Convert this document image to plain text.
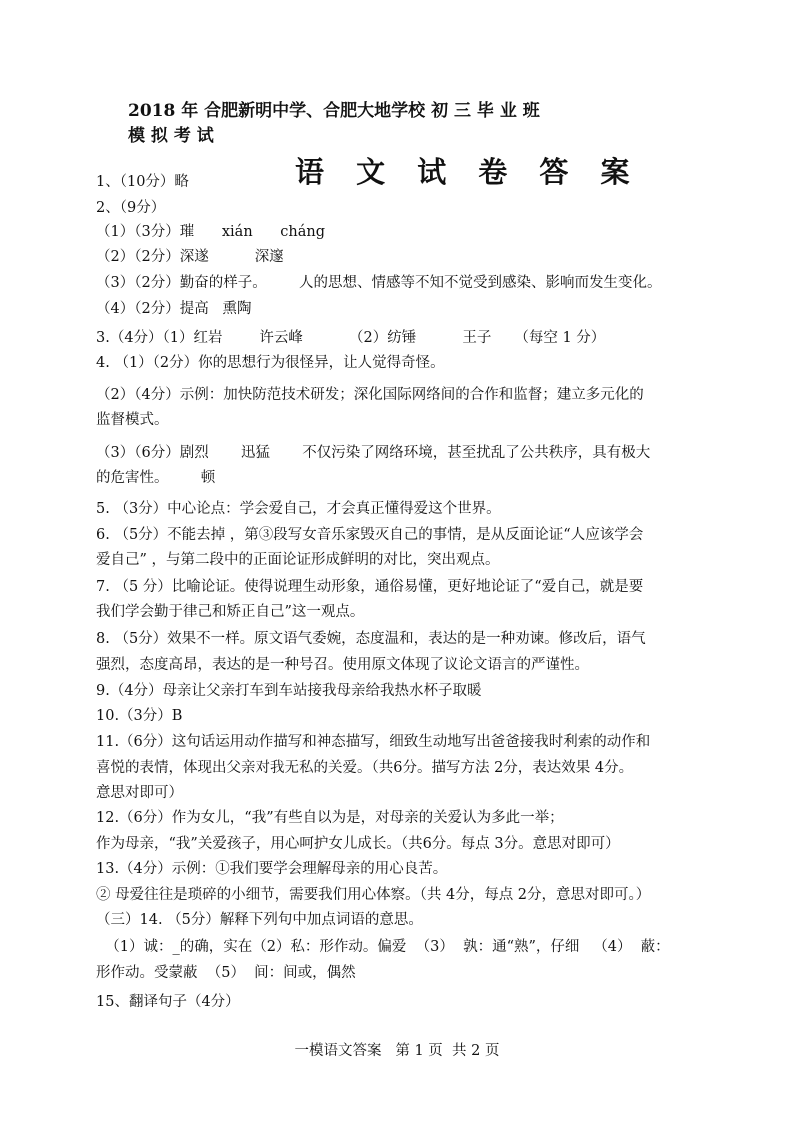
2018 年 合肥新明中学、合肥大地学校 初 三 毕 业 班
模 拟 考 试
语 文 试 卷 答 案
1、（10分）略
2、（9分）
（1）（3分）璀      xián      cháng
（2）（2分）深遂          深邃
（3）（2分）勤奋的样子。       人的思想、情感等不知不觉受到感染、影响而发生变化。
（4）（2分）提高   熏陶
3.（4分）（1）红岩        许云峰          （2）纺锤          王子     （每空 1 分）
4. （1）（2分）你的思想行为很怪异，让人觉得奇怪。
（2）（4分）示例：加快防范技术研发；深化国际网络间的合作和监督；建立多元化的
监督模式。
（3）（6分）剧烈       迅猛       不仅污染了网络环境，甚至扰乱了公共秩序，具有极大
的危害性。       顿
5. （3分）中心论点：学会爱自己，才会真正懂得爱这个世界。
6. （5分）不能去掉 ，第③段写女音乐家毁灭自己的事情，是从反面论证“人应该学会
爱自己” ，与第二段中的正面论证形成鲜明的对比，突出观点。
7. （5 分）比喻论证。使得说理生动形象，通俗易懂，更好地论证了“爱自己，就是要
我们学会勤于律己和矫正自己”这一观点。
8. （5分）效果不一样。原文语气委婉，态度温和，表达的是一种劝谏。修改后，语气
强烈，态度高昂，表达的是一种号召。使用原文体现了议论文语言的严谨性。
9.（4分）母亲让父亲打车到车站接我母亲给我热水杯子取暖
10.（3分）B
11.（6分）这句话运用动作描写和神态描写，细致生动地写出爸爸接我时利索的动作和
喜悦的表情，体现出父亲对我无私的关爱。（共6分。描写方法 2分，表达效果 4分。
意思对即可）
12.（6分）作为女儿，“我”有些自以为是，对母亲的关爱认为多此一举；
作为母亲，“我”关爱孩子，用心呵护女儿成长。（共6分。每点 3分。意思对即可）
13.（4分）示例：①我们要学会理解母亲的用心良苦。
② 母爱往往是琐碎的小细节，需要我们用心体察。（共 4分，每点 2分，意思对即可。）
（三）14. （5分）解释下列句中加点词语的意思。
（1）诚：_的确，实在（2）私：形作动。偏爱  （3）  孰：通“熟”，仔细   （4）  蔽：
形作动。受蒙蔽  （5）  间：间或，偶然
15、翻译句子（4分）
一模语文答案   第 1 页  共 2 页
